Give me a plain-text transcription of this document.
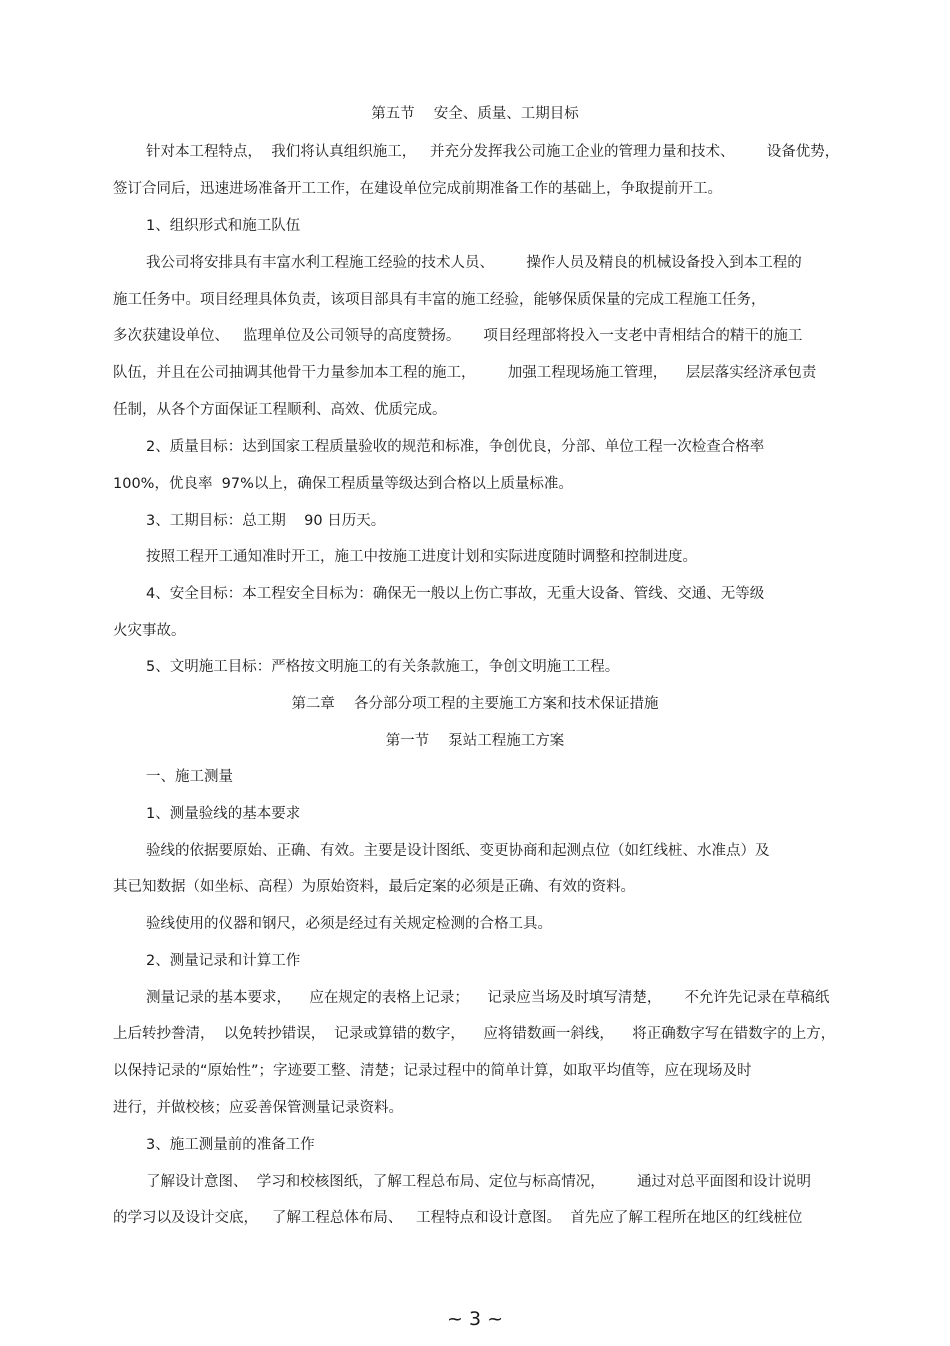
第五节　 安全、质量、工期目标

针对本工程特点，  我们将认真组织施工，   并充分发挥我公司施工企业的管理力量和技术、       设备优势，

签订合同后，迅速进场准备开工工作，在建设单位完成前期准备工作的基础上，争取提前开工。

1、组织形式和施工队伍

我公司将安排具有丰富水利工程施工经验的技术人员、       操作人员及精良的机械设备投入到本工程的

施工任务中。项目经理具体负责，该项目部具有丰富的施工经验，能够保质保量的完成工程施工任务，

多次获建设单位、   监理单位及公司领导的高度赞扬。     项目经理部将投入一支老中青相结合的精干的施工

队伍，并且在公司抽调其他骨干力量参加本工程的施工，       加强工程现场施工管理，    层层落实经济承包责

任制，从各个方面保证工程顺利、高效、优质完成。

2、质量目标：达到国家工程质量验收的规范和标准，争创优良，分部、单位工程一次检查合格率

100%，优良率  97%以上，确保工程质量等级达到合格以上质量标准。

3、工期目标：总工期    90 日历天。

按照工程开工通知准时开工，施工中按施工进度计划和实际进度随时调整和控制进度。

4、安全目标：本工程安全目标为：确保无一般以上伤亡事故，无重大设备、管线、交通、无等级

火灾事故。

5、文明施工目标：严格按文明施工的有关条款施工，争创文明施工工程。

第二章　 各分部分项工程的主要施工方案和技术保证措施

第一节　 泵站工程施工方案

一、施工测量

1、测量验线的基本要求

验线的依据要原始、正确、有效。主要是设计图纸、变更协商和起测点位（如红线桩、水准点）及

其已知数据（如坐标、高程）为原始资料，最后定案的必须是正确、有效的资料。

验线使用的仪器和钢尺，必须是经过有关规定检测的合格工具。

2、测量记录和计算工作

测量记录的基本要求，    应在规定的表格上记录；    记录应当场及时填写清楚，     不允许先记录在草稿纸

上后转抄誊清，  以免转抄错误，  记录或算错的数字，    应将错数画一斜线，    将正确数字写在错数字的上方，

以保持记录的“原始性”；字迹要工整、清楚；记录过程中的简单计算，如取平均值等，应在现场及时

进行，并做校核；应妥善保管测量记录资料。

3、施工测量前的准备工作

了解设计意图、  学习和校核图纸，了解工程总布局、定位与标高情况，       通过对总平面图和设计说明

的学习以及设计交底，   了解工程总体布局、   工程特点和设计意图。  首先应了解工程所在地区的红线桩位

~ 3 ~
